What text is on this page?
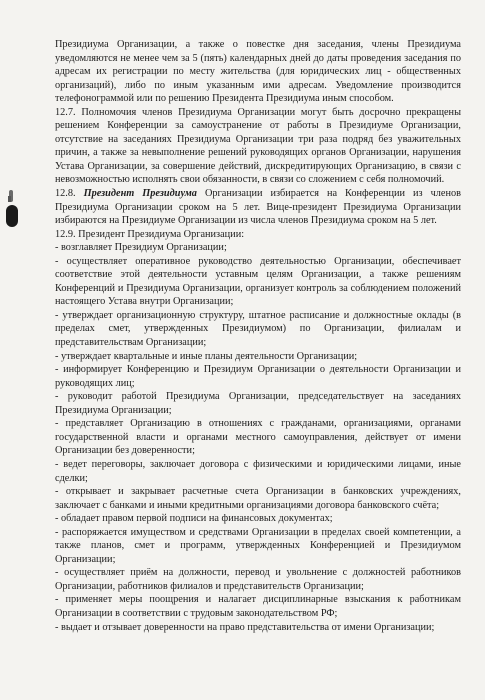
Президиума Организации, а также о повестке дня заседания, члены Президиума уведомляются не менее чем за 5 (пять) календарных дней до даты проведения заседания по адресам их регистрации по месту жительства (для юридических лиц - общественных организаций), либо по иным указанным ими адресам. Уведомление производится телефонограммой или по решению Президента Президиума иным способом.

12.7. Полномочия членов Президиума Организации могут быть досрочно прекращены решением Конференции за самоустранение от работы в Президиуме Организации, отсутствие на заседаниях Президиума Организации три раза подряд без уважительных причин, а также за невыполнение решений руководящих органов Организации, нарушения Устава Организации, за совершение действий, дискредитирующих Организацию, в связи с невозможностью исполнять свои обязанности, в связи со сложением с себя полномочий.

12.8. Президент Президиума Организации избирается на Конференции из членов Президиума Организации сроком на 5 лет. Вице-президент Президиума Организации избираются на Президиуме Организации из числа членов Президиума сроком на 5 лет.

12.9. Президент Президиума Организации:

- возглавляет Президиум Организации;

- осуществляет оперативное руководство деятельностью Организации, обеспечивает соответствие этой деятельности уставным целям Организации, а также решениям Конференций и Президиума Организации, организует контроль за соблюдением положений настоящего Устава внутри Организации;

- утверждает организационную структуру, штатное расписание и должностные оклады (в пределах смет, утвержденных Президиумом) по Организации, филиалам и представительствам Организации;

- утверждает квартальные и иные планы деятельности Организации;

- информирует Конференцию и Президиум Организации о деятельности Организации и руководящих лиц;

- руководит работой Президиума Организации, председательствует на заседаниях Президиума Организации;

- представляет Организацию в отношениях с гражданами, организациями, органами государственной власти и органами местного самоуправления, действует от имени Организации без доверенности;

- ведет переговоры, заключает договора с физическими и юридическими лицами, иные сделки;

- открывает и закрывает расчетные счета Организации в банковских учреждениях, заключает с банками и иными кредитными организациями договора банковского счёта;

- обладает правом первой подписи на финансовых документах;

- распоряжается имуществом и средствами Организации в пределах своей компетенции, а также планов, смет и программ, утвержденных Конференцией и Президиумом Организации;

- осуществляет приём на должности, перевод и увольнение с должностей работников Организации, работников филиалов и представительств Организации;

- применяет меры поощрения и налагает дисциплинарные взыскания к работникам Организации в соответствии с трудовым законодательством РФ;

- выдает и отзывает доверенности на право представительства от имени Организации;
